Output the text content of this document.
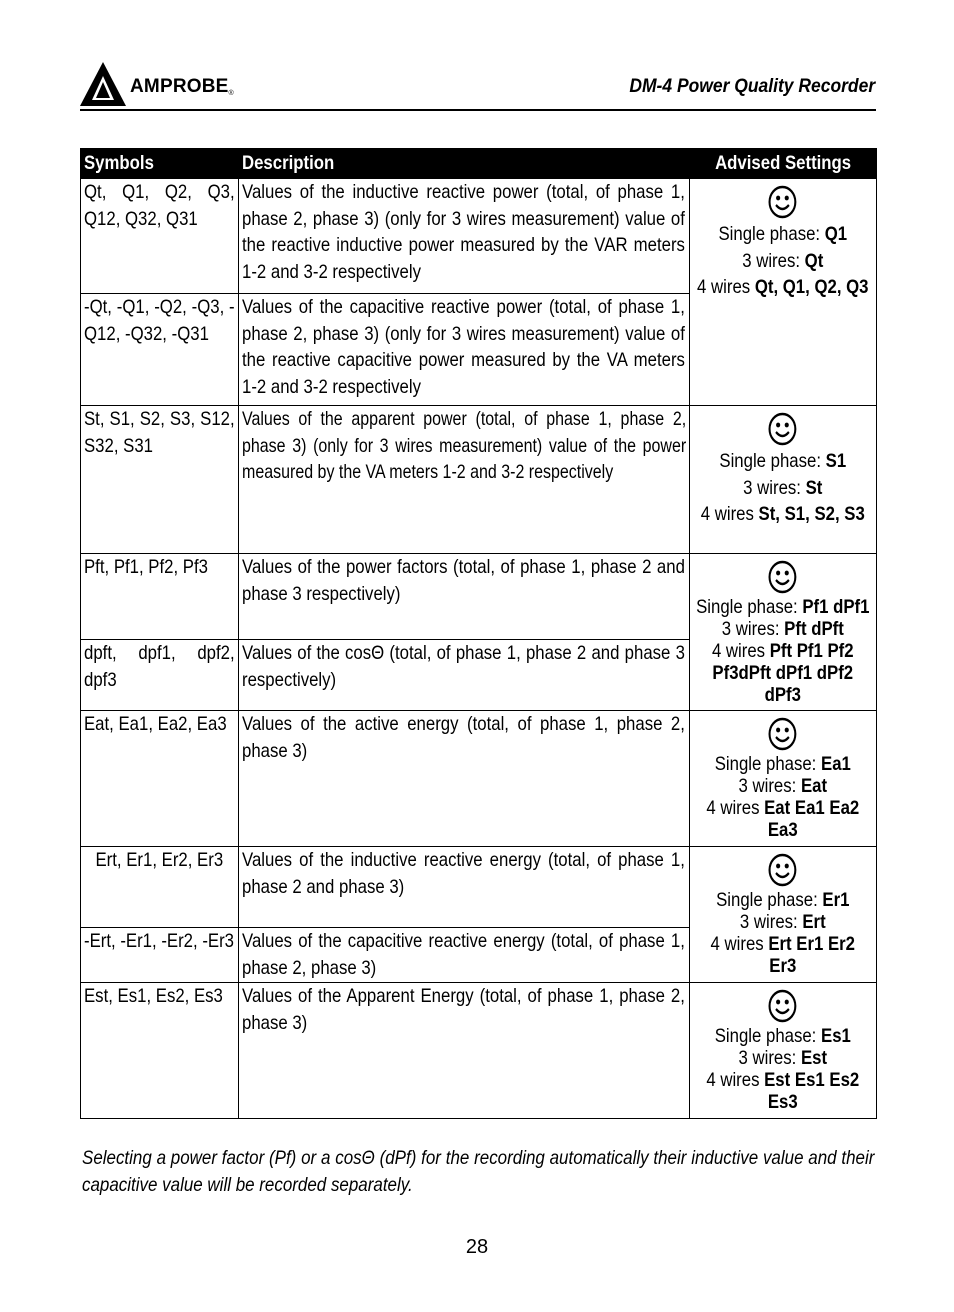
AMPROBE®	DM-4 Power Quality Recorder
Symbols	Description	Advised Settings
Qt, Q1, Q2, Q3, Q12, Q32, Q31	Values of the inductive reactive power (total, of phase 1, phase 2, phase 3) (only for 3 wires measurement) value of the reactive inductive power measured by the VAR meters 1-2 and 3-2 respectively	Single phase: Q1
3 wires: Qt
4 wires Qt, Q1, Q2, Q3

-Qt, -Q1, -Q2, -Q3, -Q12, -Q32, -Q31	Values of the capacitive reactive power (total, of phase 1, phase 2, phase 3) (only for 3 wires measurement) value of the reactive capacitive power measured by the VA meters 1-2 and 3-2 respectively	
St, S1, S2, S3, S12, S32, S31	Values of the apparent power (total, of phase 1, phase 2, phase 3) (only for 3 wires measurement) value of the power measured by the VA meters 1-2 and 3-2 respectively	Single phase: S1
3 wires: St
4 wires St, S1, S2, S3

Pft, Pf1, Pf2, Pf3	Values of the power factors (total, of phase 1, phase 2 and phase 3 respectively)	Single phase: Pf1 dPf1
3 wires: Pft dPft
4 wires Pft Pf1 Pf2
Pf3dPft dPf1 dPf2 dPf3

dpft, dpf1, dpf2, dpf3	Values of the cosΘ (total, of phase 1, phase 2 and phase 3 respectively)	
Eat, Ea1, Ea2, Ea3	Values of the active energy (total, of phase 1, phase 2, phase 3)	Single phase: Ea1
3 wires: Eat
4 wires Eat Ea1 Ea2
Ea3

Ert, Er1, Er2, Er3	Values of the inductive reactive energy (total, of phase 1, phase 2 and phase 3)	Single phase: Er1
3 wires: Ert
4 wires Ert Er1 Er2
Er3

-Ert, -Er1, -Er2, -Er3	Values of the capacitive reactive energy (total, of phase 1, phase 2, phase 3)	
Est, Es1, Es2, Es3	Values of the Apparent Energy (total, of phase 1, phase 2, phase 3)	Single phase: Es1
3 wires: Est
4 wires Est Es1 Es2
Es3
Selecting a power factor (Pf) or a cosΘ (dPf) for the recording automatically their inductive value and their capacitive value will be recorded separately.
28
